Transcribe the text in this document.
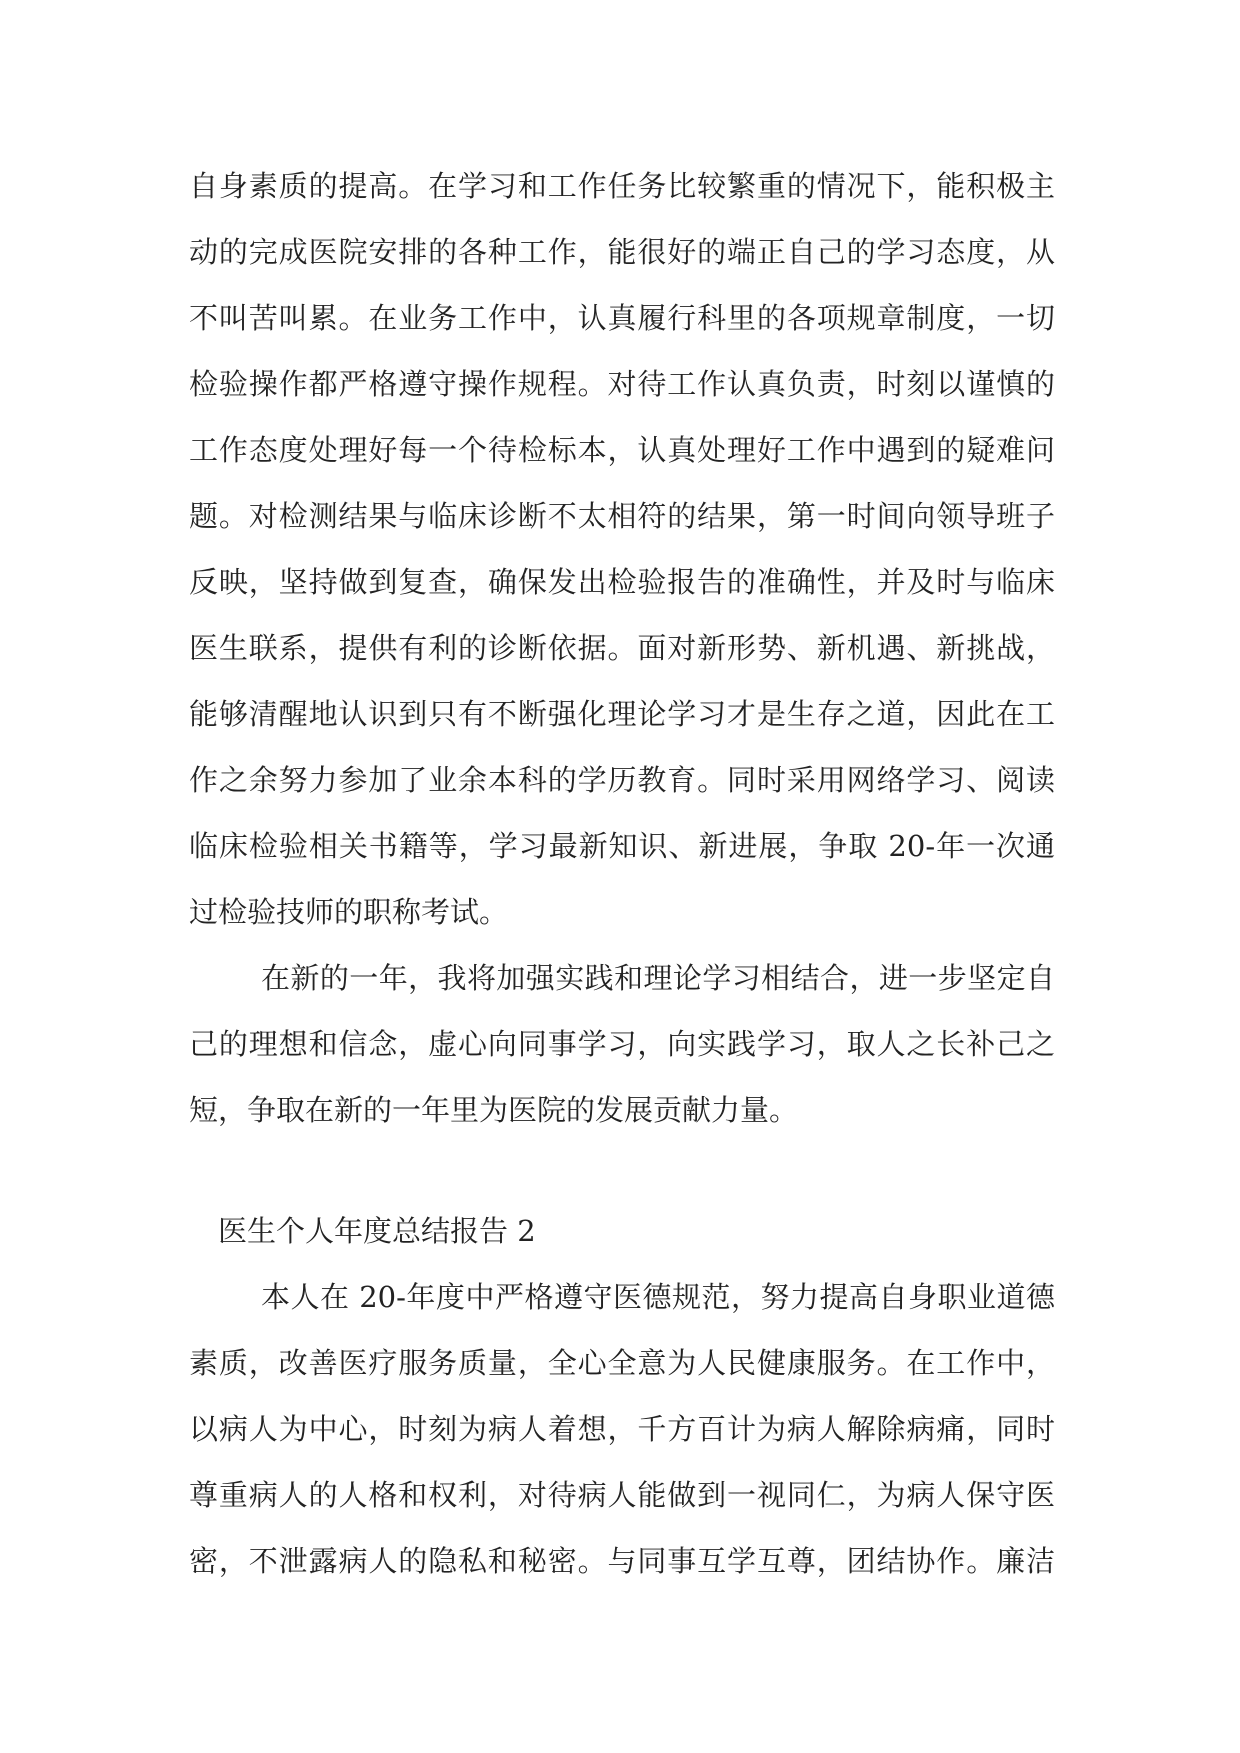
自身素质的提高。在学习和工作任务比较繁重的情况下，能积极主
动的完成医院安排的各种工作，能很好的端正自己的学习态度，从
不叫苦叫累。在业务工作中，认真履行科里的各项规章制度，一切
检验操作都严格遵守操作规程。对待工作认真负责，时刻以谨慎的
工作态度处理好每一个待检标本，认真处理好工作中遇到的疑难问
题。对检测结果与临床诊断不太相符的结果，第一时间向领导班子
反映，坚持做到复查，确保发出检验报告的准确性，并及时与临床
医生联系，提供有利的诊断依据。面对新形势、新机遇、新挑战，
能够清醒地认识到只有不断强化理论学习才是生存之道，因此在工
作之余努力参加了业余本科的学历教育。同时采用网络学习、阅读
临床检验相关书籍等，学习最新知识、新进展，争取 20-年一次通
过检验技师的职称考试。
在新的一年，我将加强实践和理论学习相结合，进一步坚定自
己的理想和信念，虚心向同事学习，向实践学习，取人之长补己之
短，争取在新的一年里为医院的发展贡献力量。
医生个人年度总结报告 2
本人在 20-年度中严格遵守医德规范，努力提高自身职业道德
素质，改善医疗服务质量，全心全意为人民健康服务。在工作中，
以病人为中心，时刻为病人着想，千方百计为病人解除病痛，同时
尊重病人的人格和权利，对待病人能做到一视同仁，为病人保守医
密，不泄露病人的隐私和秘密。与同事互学互尊，团结协作。廉洁
